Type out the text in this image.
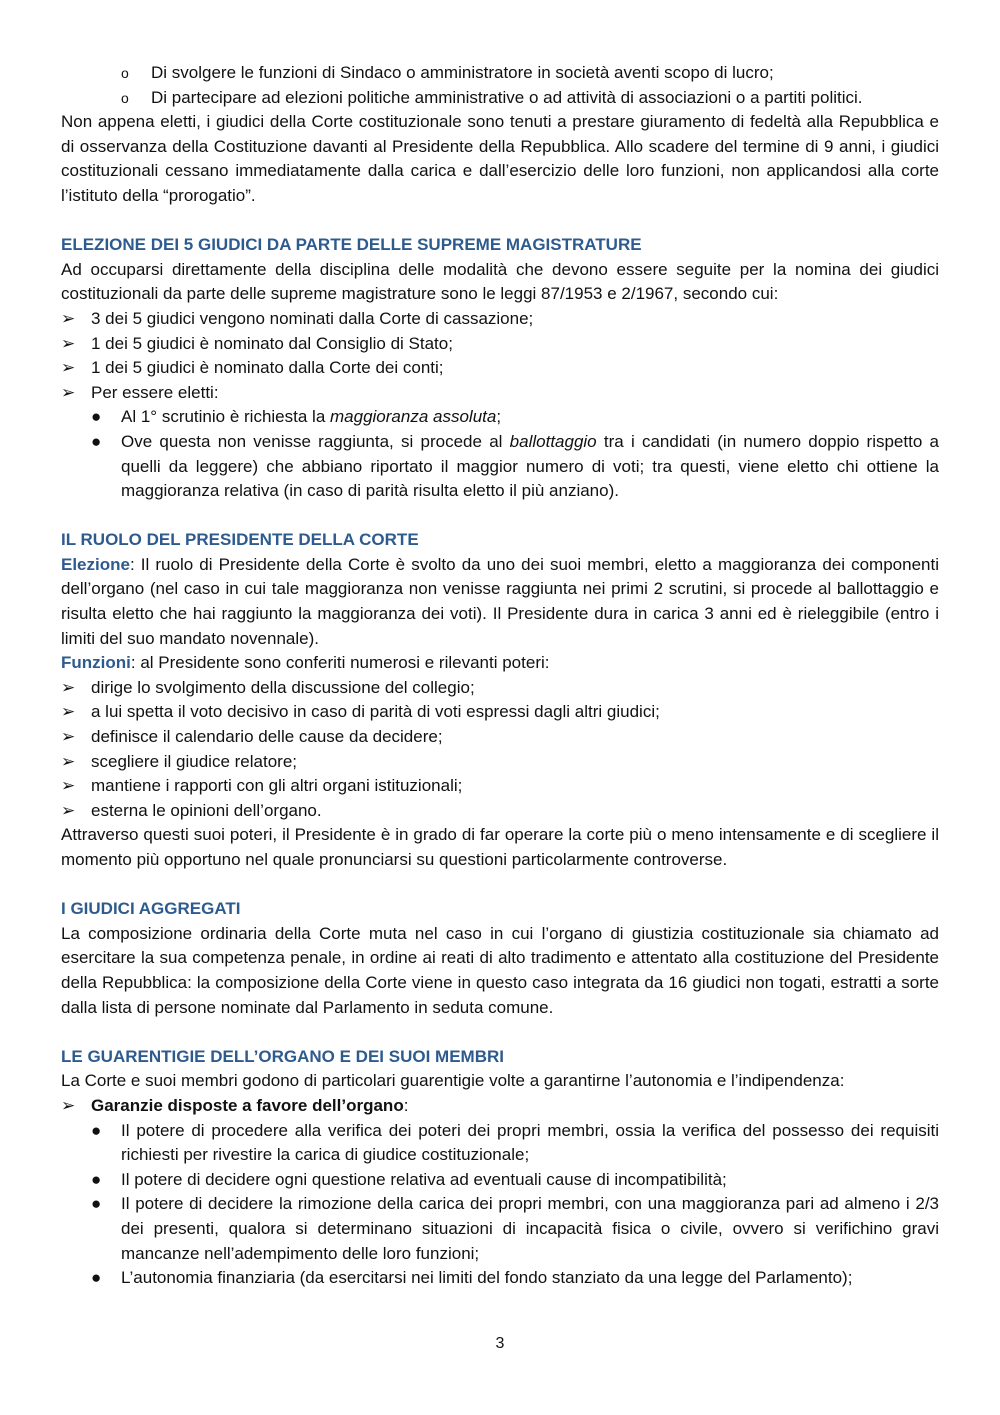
o Di svolgere le funzioni di Sindaco o amministratore in società aventi scopo di lucro;
o Di partecipare ad elezioni politiche amministrative o ad attività di associazioni o a partiti politici.

Non appena eletti, i giudici della Corte costituzionale sono tenuti a prestare giuramento di fedeltà alla Repubblica e di osservanza della Costituzione davanti al Presidente della Repubblica. Allo scadere del termine di 9 anni, i giudici costituzionali cessano immediatamente dalla carica e dall’esercizio delle loro funzioni, non applicandosi alla corte l’istituto della “prorogatio”.

ELEZIONE DEI 5 GIUDICI DA PARTE DELLE SUPREME MAGISTRATURE

Ad occuparsi direttamente della disciplina delle modalità che devono essere seguite per la nomina dei giudici costituzionali da parte delle supreme magistrature sono le leggi 87/1953 e 2/1967, secondo cui:

➢ 3 dei 5 giudici vengono nominati dalla Corte di cassazione;
➢ 1 dei 5 giudici è nominato dal Consiglio di Stato;
➢ 1 dei 5 giudici è nominato dalla Corte dei conti;
➢ Per essere eletti:
● Al 1° scrutinio è richiesta la maggioranza assoluta;
● Ove questa non venisse raggiunta, si procede al ballottaggio tra i candidati (in numero doppio rispetto a quelli da leggere) che abbiano riportato il maggior numero di voti; tra questi, viene eletto chi ottiene la maggioranza relativa (in caso di parità risulta eletto il più anziano).
IL RUOLO DEL PRESIDENTE DELLA CORTE

Elezione: Il ruolo di Presidente della Corte è svolto da uno dei suoi membri, eletto a maggioranza dei componenti dell’organo (nel caso in cui tale maggioranza non venisse raggiunta nei primi 2 scrutini, si procede al ballottaggio e risulta eletto che hai raggiunto la maggioranza dei voti). Il Presidente dura in carica 3 anni ed è rieleggibile (entro i limiti del suo mandato novennale).

Funzioni: al Presidente sono conferiti numerosi e rilevanti poteri:

➢ dirige lo svolgimento della discussione del collegio;
➢ a lui spetta il voto decisivo in caso di parità di voti espressi dagli altri giudici;
➢ definisce il calendario delle cause da decidere;
➢ scegliere il giudice relatore;
➢ mantiene i rapporti con gli altri organi istituzionali;
➢ esterna le opinioni dell’organo.

Attraverso questi suoi poteri, il Presidente è in grado di far operare la corte più o meno intensamente e di scegliere il momento più opportuno nel quale pronunciarsi su questioni particolarmente controverse.

I GIUDICI AGGREGATI

La composizione ordinaria della Corte muta nel caso in cui l’organo di giustizia costituzionale sia chiamato ad esercitare la sua competenza penale, in ordine ai reati di alto tradimento e attentato alla costituzione del Presidente della Repubblica: la composizione della Corte viene in questo caso integrata da 16 giudici non togati, estratti a sorte dalla lista di persone nominate dal Parlamento in seduta comune.

LE GUARENTIGIE DELL’ORGANO E DEI SUOI MEMBRI

La Corte e suoi membri godono di particolari guarentigie volte a garantirne l’autonomia e l’indipendenza:

➢ Garanzie disposte a favore dell’organo:
● Il potere di procedere alla verifica dei poteri dei propri membri, ossia la verifica del possesso dei requisiti richiesti per rivestire la carica di giudice costituzionale;
● Il potere di decidere ogni questione relativa ad eventuali cause di incompatibilità;
● Il potere di decidere la rimozione della carica dei propri membri, con una maggioranza pari ad almeno i 2/3 dei presenti, qualora si determinano situazioni di incapacità fisica o civile, ovvero si verifichino gravi mancanze nell’adempimento delle loro funzioni;
● L’autonomia finanziaria (da esercitarsi nei limiti del fondo stanziato da una legge del Parlamento);
3
